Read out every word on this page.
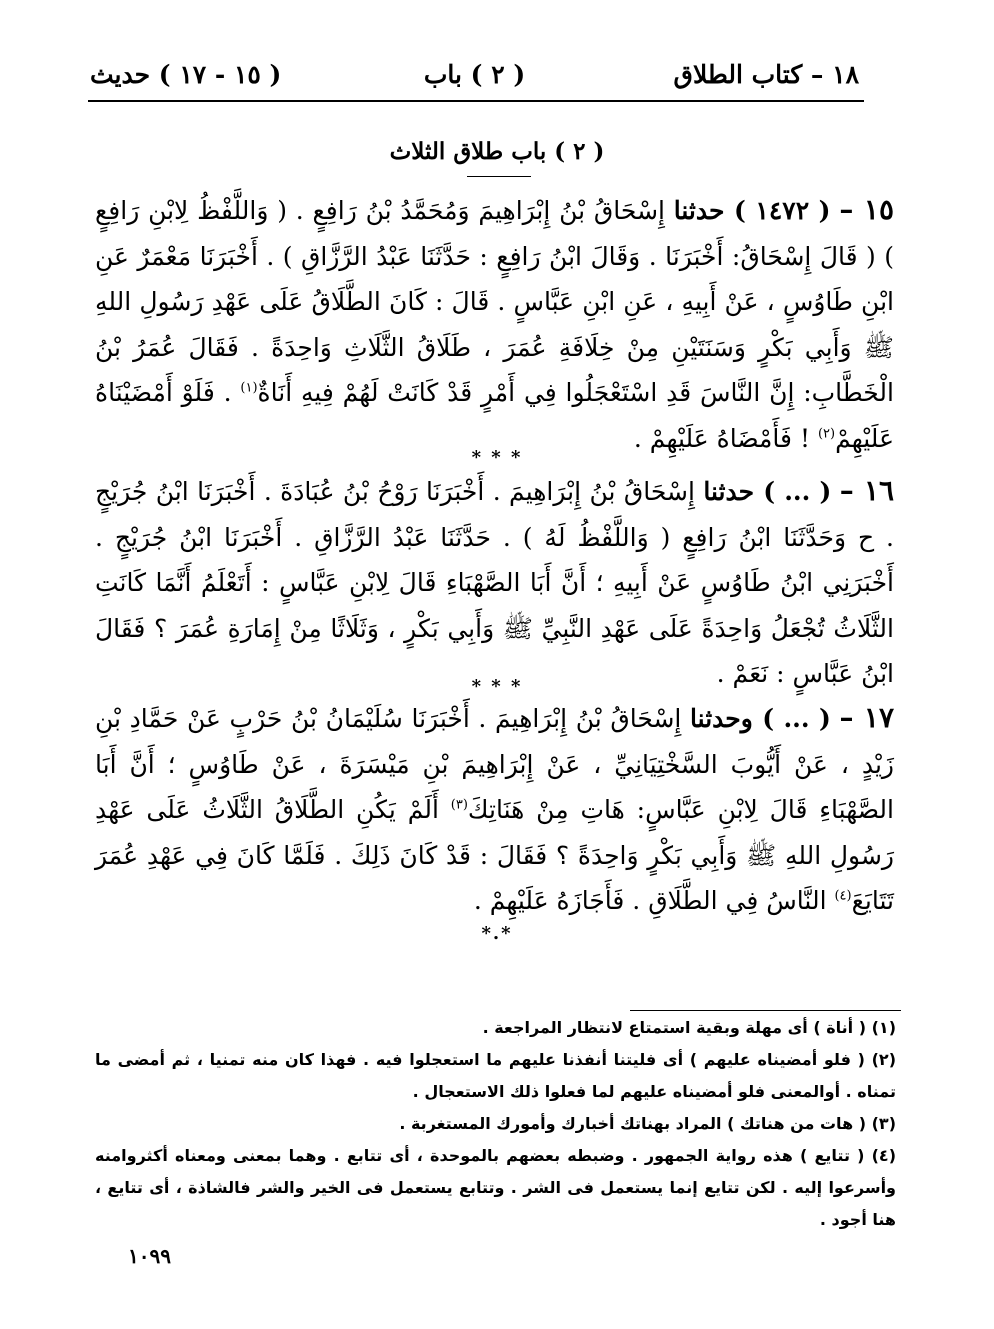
١٨ – كتاب الطلاق
( ٢ ) باب
( ١٥ - ١٧ ) حديث
( ٢ ) باب طلاق الثلاث
١٥ – ( ١٤٧٢ ) حدثنا إِسْحَاقُ بْنُ إِبْرَاهِيمَ وَمُحَمَّدُ بْنُ رَافِعٍ . ( وَاللَّفْظُ لِابْنِ رَافِعٍ ) ( قَالَ إِسْحَاقُ: أَخْبَرَنَا . وَقَالَ ابْنُ رَافِعٍ : حَدَّثَنَا عَبْدُ الرَّزَّاقِ ) . أَخْبَرَنَا مَعْمَرٌ عَنِ ابْنِ طَاوُسٍ ، عَنْ أَبِيهِ ، عَنِ ابْنِ عَبَّاسٍ . قَالَ : كَانَ الطَّلَاقُ عَلَى عَهْدِ رَسُولِ اللهِ ﷺ وَأَبِي بَكْرٍ وَسَنَتَيْنِ مِنْ خِلَافَةِ عُمَرَ ، طَلَاقُ الثَّلَاثِ وَاحِدَةً . فَقَالَ عُمَرُ بْنُ الْخَطَّابِ: إِنَّ النَّاسَ قَدِ اسْتَعْجَلُوا فِي أَمْرٍ قَدْ كَانَتْ لَهُمْ فِيهِ أَنَاةٌ$^{(١)}$ . فَلَوْ أَمْضَيْنَاهُ عَلَيْهِمْ$^{(٢)}$ ! فَأَمْضَاهُ عَلَيْهِمْ .
* * *
١٦ – ( ... ) حدثنا إِسْحَاقُ بْنُ إِبْرَاهِيمَ . أَخْبَرَنَا رَوْحُ بْنُ عُبَادَةَ . أَخْبَرَنَا ابْنُ جُرَيْجٍ . ح وَحَدَّثَنَا ابْنُ رَافِعٍ ( وَاللَّفْظُ لَهُ ) . حَدَّثَنَا عَبْدُ الرَّزَّاقِ . أَخْبَرَنَا ابْنُ جُرَيْجٍ . أَخْبَرَنِي ابْنُ طَاوُسٍ عَنْ أَبِيهِ ؛ أَنَّ أَبَا الصَّهْبَاءِ قَالَ لِابْنِ عَبَّاسٍ : أَتَعْلَمُ أَنَّمَا كَانَتِ الثَّلَاثُ تُجْعَلُ وَاحِدَةً عَلَى عَهْدِ النَّبِيِّ ﷺ وَأَبِي بَكْرٍ ، وَثَلَاثًا مِنْ إِمَارَةِ عُمَرَ ؟ فَقَالَ ابْنُ عَبَّاسٍ : نَعَمْ .
* * *
١٧ – ( ... ) وحدثنا إِسْحَاقُ بْنُ إِبْرَاهِيمَ . أَخْبَرَنَا سُلَيْمَانُ بْنُ حَرْبٍ عَنْ حَمَّادِ بْنِ زَيْدٍ ، عَنْ أَيُّوبَ السَّخْتِيَانِيِّ ، عَنْ إِبْرَاهِيمَ بْنِ مَيْسَرَةَ ، عَنْ طَاوُسٍ ؛ أَنَّ أَبَا الصَّهْبَاءِ قَالَ لِابْنِ عَبَّاسٍ: هَاتِ مِنْ هَنَاتِكَ$^{(٣)}$ أَلَمْ يَكُنِ الطَّلَاقُ الثَّلَاثُ عَلَى عَهْدِ رَسُولِ اللهِ ﷺ وَأَبِي بَكْرٍ وَاحِدَةً ؟ فَقَالَ : قَدْ كَانَ ذَلِكَ . فَلَمَّا كَانَ فِي عَهْدِ عُمَرَ تَتَايَعَ$^{(٤)}$ النَّاسُ فِي الطَّلَاقِ . فَأَجَازَهُ عَلَيْهِمْ .
*.*

(١) ( أناة ) أى مهلة وبقية استمتاع لانتظار المراجعة .

(٢) ( فلو أمضيناه عليهم ) أى فليتنا أنفذنا عليهم ما استعجلوا فيه . فهذا كان منه تمنيا ، ثم أمضى ما تمناه . أوالمعنى فلو أمضيناه عليهم لما فعلوا ذلك الاستعجال .

(٣) ( هات من هناتك ) المراد بهناتك أخبارك وأمورك المستغربة .

(٤) ( تتايع ) هذه رواية الجمهور . وضبطه بعضهم بالموحدة ، أى تتابع . وهما بمعنى ومعناه أكثروامنه وأسرعوا إليه . لكن تتايع إنما يستعمل فى الشر . وتتابع يستعمل فى الخير والشر فالشاذة ، أى تتايع ، هنا أجود .

١٠٩٩
